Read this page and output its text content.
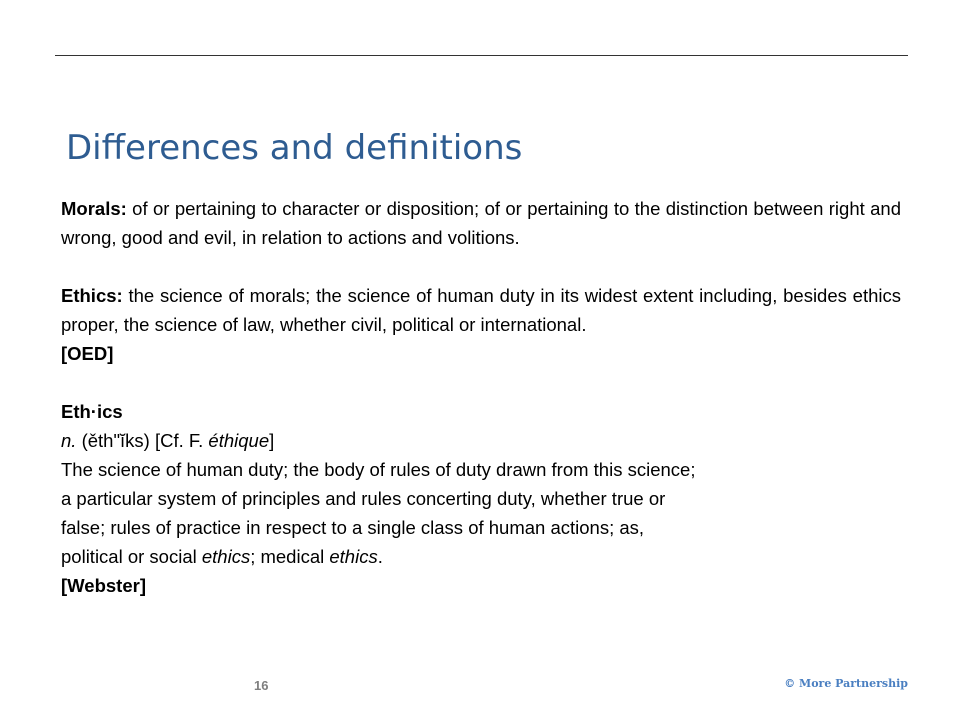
Differences and definitions

Morals: of or pertaining to character or disposition; of or pertaining to the distinction between right and wrong, good and evil, in relation to actions and volitions.

Ethics: the science of morals; the science of human duty in its widest extent including, besides ethics proper, the science of law, whether civil, political or international.

[OED]

Eth·ics

n. (ěth"ĭks) [Cf. F. éthique]

The science of human duty; the body of rules of duty drawn from this science;

a particular system of principles and rules concerting duty, whether true or

false; rules of practice in respect to a single class of human actions; as,

political or social ethics; medical ethics.

[Webster]

16	© More Partnership
